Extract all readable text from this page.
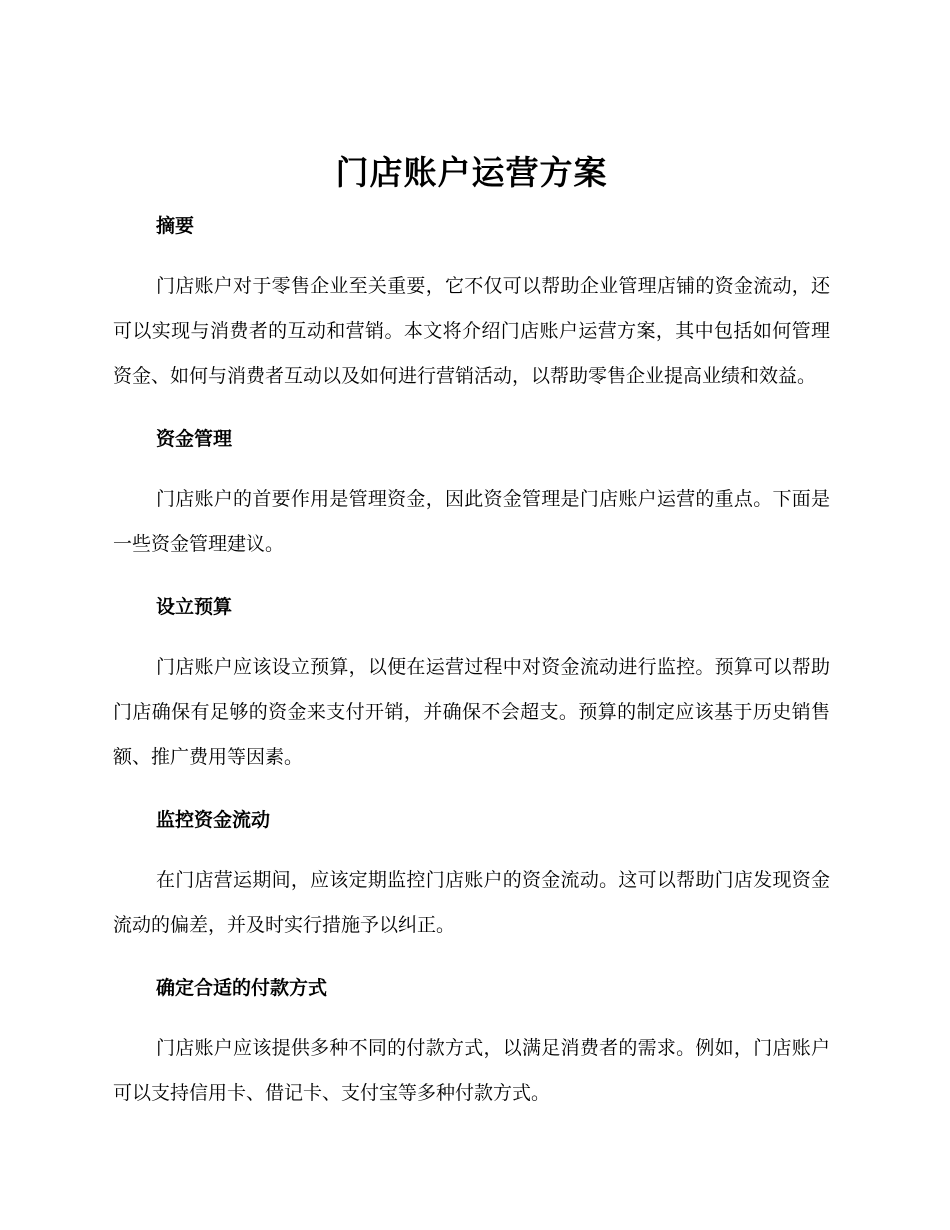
门店账户运营方案
摘要

门店账户对于零售企业至关重要，它不仅可以帮助企业管理店铺的资金流动，还可以实现与消费者的互动和营销。本文将介绍门店账户运营方案，其中包括如何管理资金、如何与消费者互动以及如何进行营销活动，以帮助零售企业提高业绩和效益。

资金管理

门店账户的首要作用是管理资金，因此资金管理是门店账户运营的重点。下面是一些资金管理建议。

设立预算

门店账户应该设立预算，以便在运营过程中对资金流动进行监控。预算可以帮助门店确保有足够的资金来支付开销，并确保不会超支。预算的制定应该基于历史销售额、推广费用等因素。

监控资金流动

在门店营运期间，应该定期监控门店账户的资金流动。这可以帮助门店发现资金流动的偏差，并及时实行措施予以纠正。

确定合适的付款方式

门店账户应该提供多种不同的付款方式，以满足消费者的需求。例如，门店账户可以支持信用卡、借记卡、支付宝等多种付款方式。
